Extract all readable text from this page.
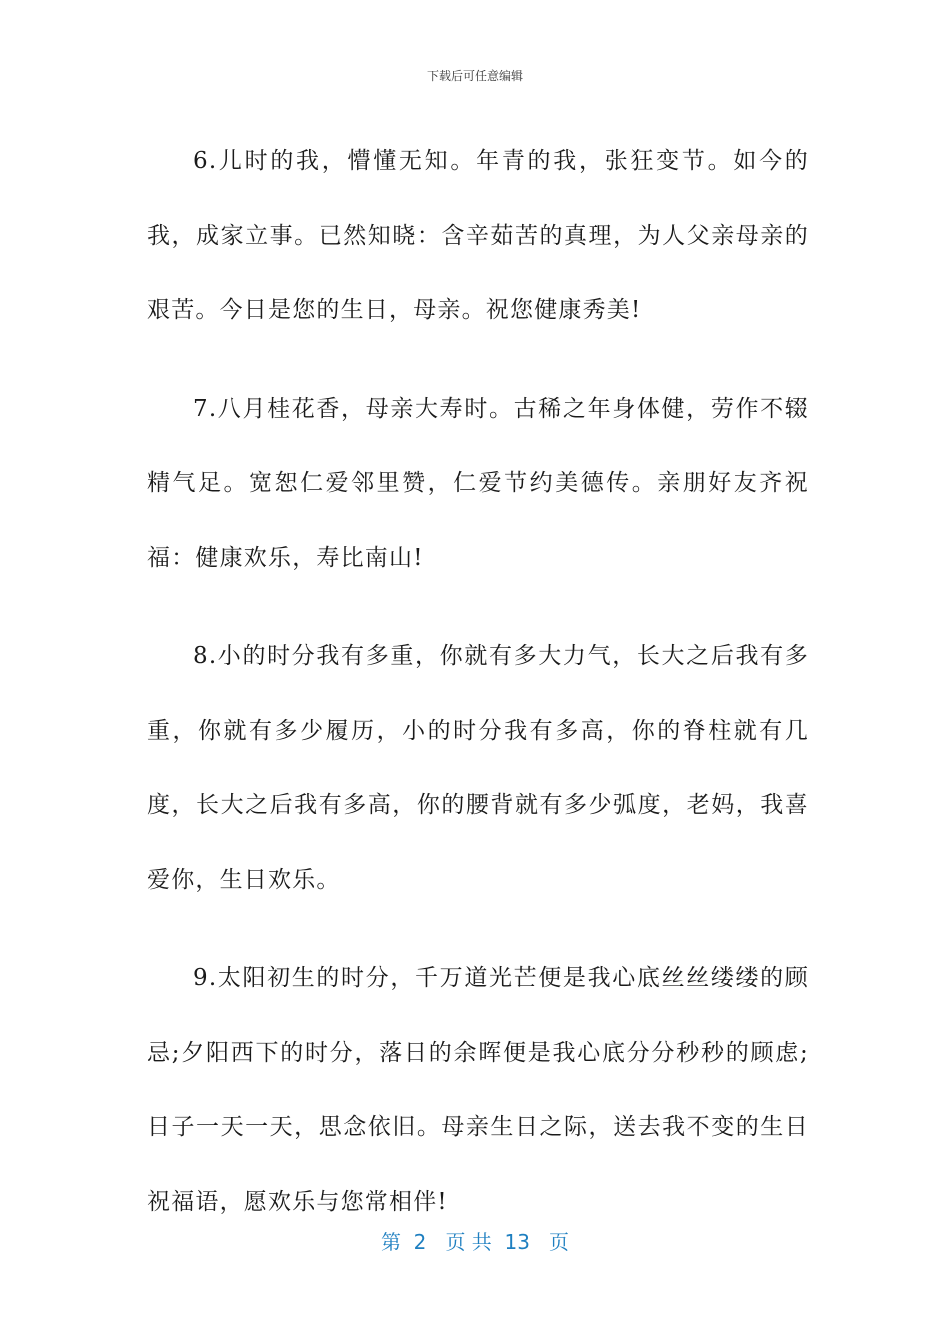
下载后可任意编辑

6.儿时的我，懵懂无知。年青的我，张狂变节。如今的我，成家立事。已然知晓：含辛茹苦的真理，为人父亲母亲的艰苦。今日是您的生日，母亲。祝您健康秀美!

7.八月桂花香，母亲大寿时。古稀之年身体健，劳作不辍精气足。宽恕仁爱邻里赞，仁爱节约美德传。亲朋好友齐祝福：健康欢乐，寿比南山!

8.小的时分我有多重，你就有多大力气，长大之后我有多重，你就有多少履历，小的时分我有多高，你的脊柱就有几度，长大之后我有多高，你的腰背就有多少弧度，老妈，我喜爱你，生日欢乐。

9.太阳初生的时分，千万道光芒便是我心底丝丝缕缕的顾忌;夕阳西下的时分，落日的余晖便是我心底分分秒秒的顾虑;日子一天一天，思念依旧。母亲生日之际，送去我不变的生日祝福语，愿欢乐与您常相伴!

第  2   页 共  13   页
